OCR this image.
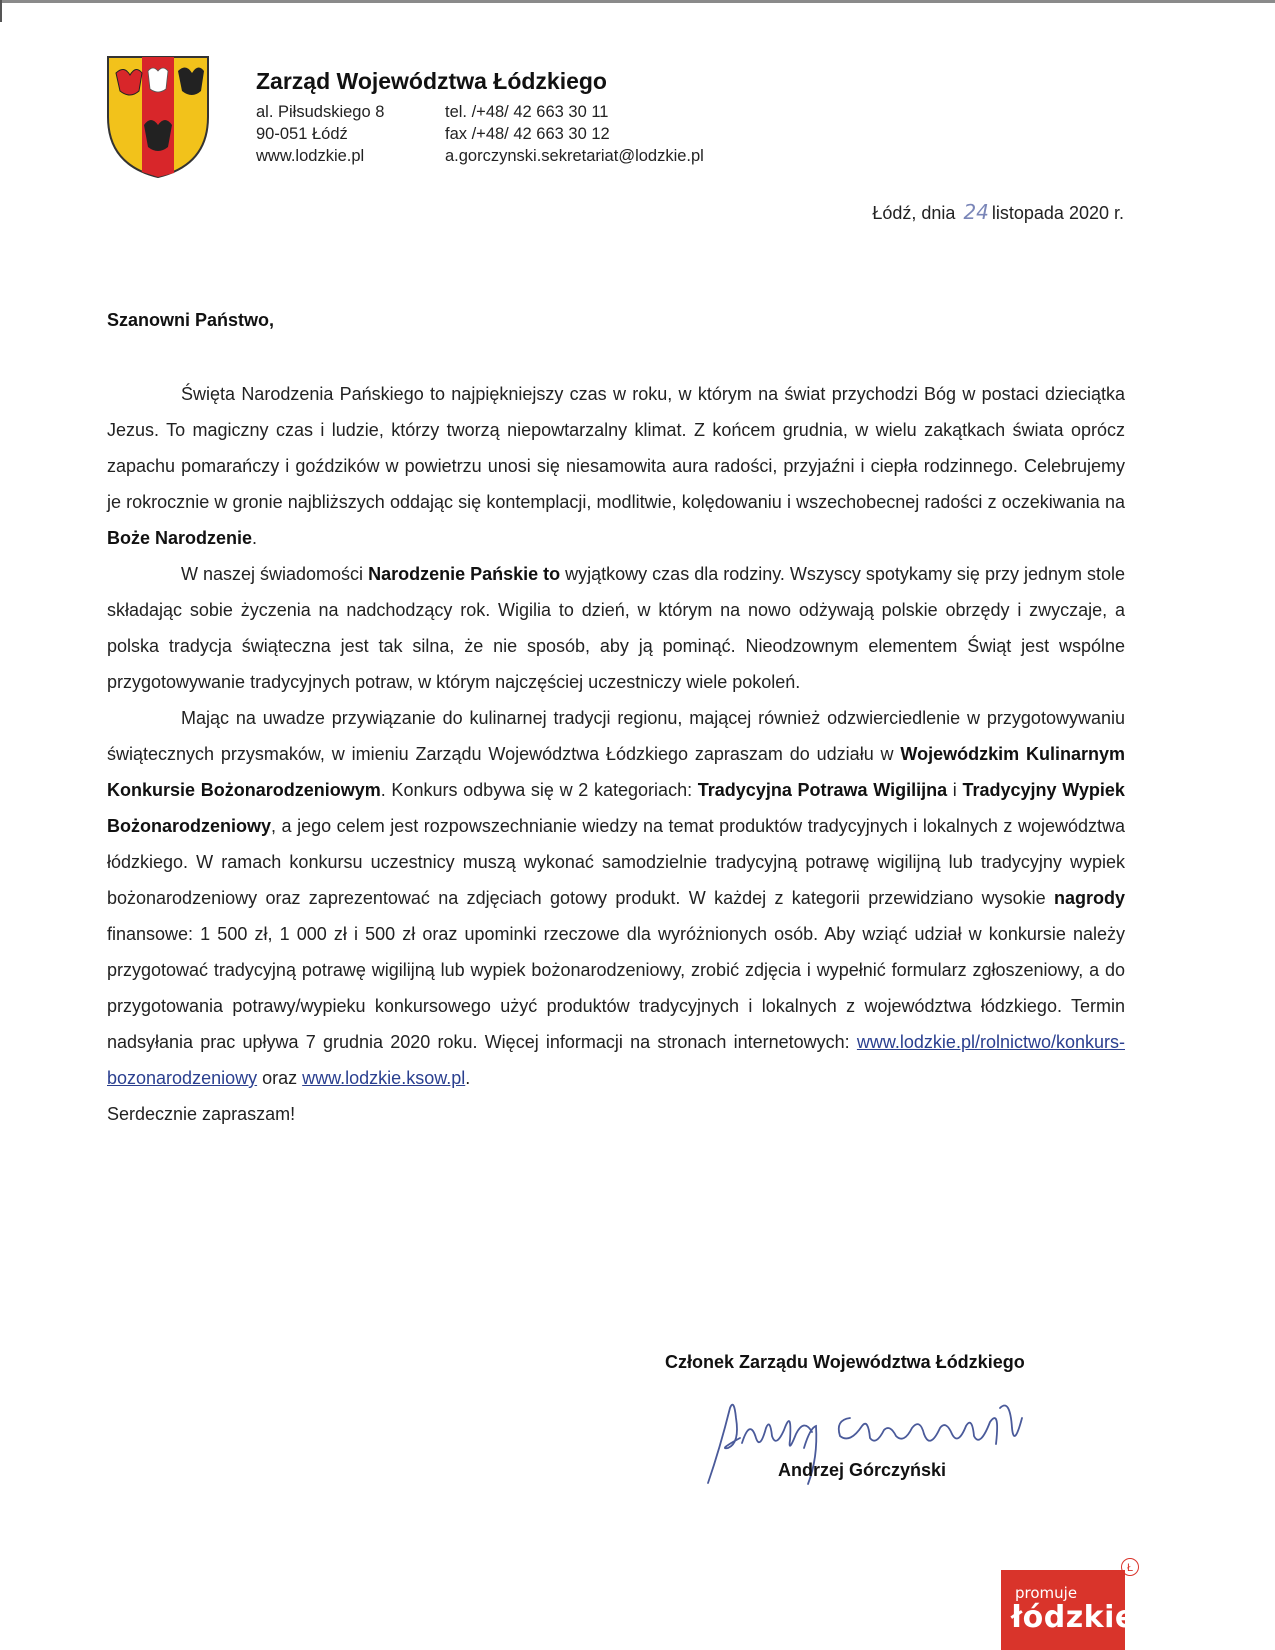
Zarząd Województwa Łódzkiego
al. Piłsudskiego 8
90-051 Łódź
www.lodzkie.pl
tel. /+48/ 42 663 30 11
fax /+48/ 42 663 30 12
a.gorczynski.sekretariat@lodzkie.pl
Łódź, dnia 24 listopada 2020 r.
Szanowni Państwo,

Święta Narodzenia Pańskiego to najpiękniejszy czas w roku, w którym na świat przychodzi Bóg w postaci dzieciątka Jezus. To magiczny czas i ludzie, którzy tworzą niepowtarzalny klimat. Z końcem grudnia, w wielu zakątkach świata oprócz zapachu pomarańczy i goździków w powietrzu unosi się niesamowita aura radości, przyjaźni i ciepła rodzinnego. Celebrujemy je rokrocznie w gronie najbliższych oddając się kontemplacji, modlitwie, kolędowaniu i wszechobecnej radości z oczekiwania na Boże Narodzenie.

W naszej świadomości Narodzenie Pańskie to wyjątkowy czas dla rodziny. Wszyscy spotykamy się przy jednym stole składając sobie życzenia na nadchodzący rok. Wigilia to dzień, w którym na nowo odżywają polskie obrzędy i zwyczaje, a polska tradycja świąteczna jest tak silna, że nie sposób, aby ją pominąć. Nieodzownym elementem Świąt jest wspólne przygotowywanie tradycyjnych potraw, w którym najczęściej uczestniczy wiele pokoleń.

Mając na uwadze przywiązanie do kulinarnej tradycji regionu, mającej również odzwierciedlenie w przygotowywaniu świątecznych przysmaków, w imieniu Zarządu Województwa Łódzkiego zapraszam do udziału w Wojewódzkim Kulinarnym Konkursie Bożonarodzeniowym. Konkurs odbywa się w 2 kategoriach: Tradycyjna Potrawa Wigilijna i Tradycyjny Wypiek Bożonarodzeniowy, a jego celem jest rozpowszechnianie wiedzy na temat produktów tradycyjnych i lokalnych z województwa łódzkiego. W ramach konkursu uczestnicy muszą wykonać samodzielnie tradycyjną potrawę wigilijną lub tradycyjny wypiek bożonarodzeniowy oraz zaprezentować na zdjęciach gotowy produkt. W każdej z kategorii przewidziano wysokie nagrody finansowe: 1 500 zł, 1 000 zł i 500 zł oraz upominki rzeczowe dla wyróżnionych osób. Aby wziąć udział w konkursie należy przygotować tradycyjną potrawę wigilijną lub wypiek bożonarodzeniowy, zrobić zdjęcia i wypełnić formularz zgłoszeniowy, a do przygotowania potrawy/wypieku konkursowego użyć produktów tradycyjnych i lokalnych z województwa łódzkiego. Termin nadsyłania prac upływa 7 grudnia 2020 roku. Więcej informacji na stronach internetowych: www.lodzkie.pl/rolnictwo/konkurs-bozonarodzeniowy oraz www.lodzkie.ksow.pl.

Serdecznie zapraszam!
Członek Zarządu Województwa Łódzkiego
Andrzej Górczyński
promuje
łódzkie
Ł
